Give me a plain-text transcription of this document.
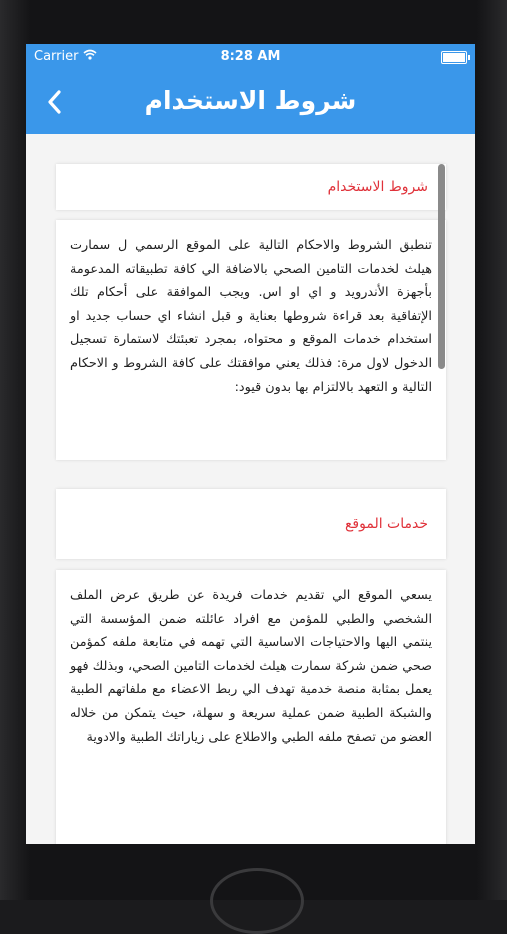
Carrier	8:28 AM
شروط الاستخدام
شروط الاستخدام

تنطبق الشروط والاحكام التالية على الموقع الرسمي ل سمارت هيلث لخدمات التامين الصحي بالاضافة الي كافة تطبيقاته المدعومة بأجهزة الأندرويد و اي او اس. ويجب الموافقة على أحكام تلك الإتفاقية بعد قراءة شروطها بعناية و قبل انشاء اي حساب جديد او استخدام خدمات الموقع و محتواه، بمجرد تعبئتك لاستمارة تسجيل الدخول لاول مرة: فذلك يعني موافقتك على كافة الشروط و الاحكام التالية و التعهد بالالتزام بها بدون قيود:

خدمات الموقع

يسعي الموقع الي تقديم خدمات فريدة عن طريق عرض الملف الشخصي والطبي للمؤمن مع افراد عائلته ضمن المؤسسة التي ينتمي اليها والاحتياجات الاساسية التي تهمه في متابعة ملفه كمؤمن صحي ضمن شركة سمارت هيلث لخدمات التامين الصحي، وبذلك فهو يعمل بمثابة منصة خدمية تهدف الي ربط الاعضاء مع ملفاتهم الطبية والشبكة الطبية ضمن عملية سريعة و سهلة، حيث يتمكن من خلاله العضو من تصفح ملفه الطبي والاطلاع على زياراتك الطبية والادوية
